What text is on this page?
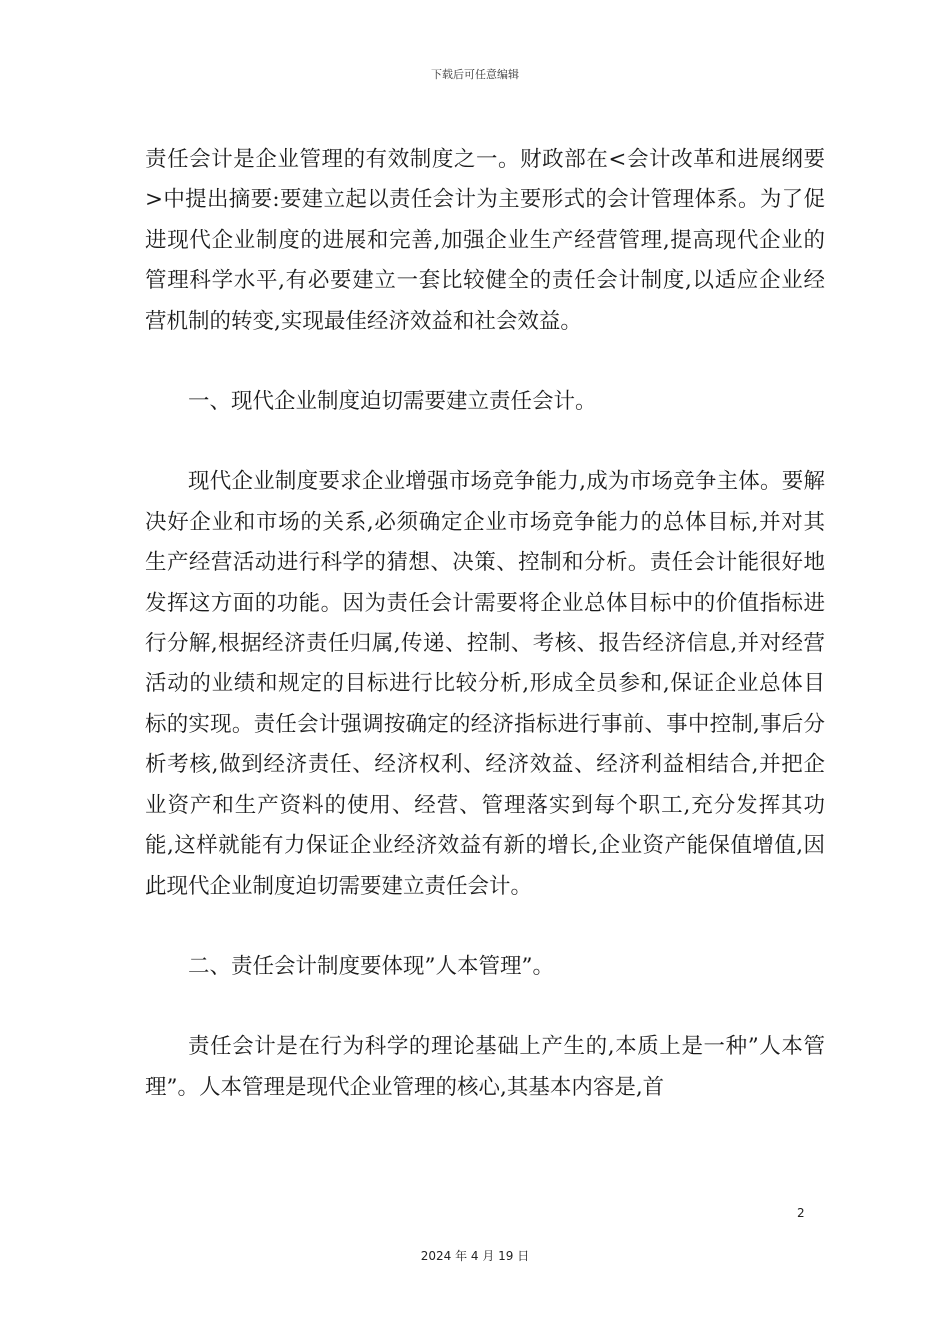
下载后可任意编辑

责任会计是企业管理的有效制度之一。财政部在<会计改革和进展纲要>中提出摘要:要建立起以责任会计为主要形式的会计管理体系。为了促进现代企业制度的进展和完善,加强企业生产经营管理,提高现代企业的管理科学水平,有必要建立一套比较健全的责任会计制度,以适应企业经营机制的转变,实现最佳经济效益和社会效益。

一、现代企业制度迫切需要建立责任会计。

现代企业制度要求企业增强市场竞争能力,成为市场竞争主体。要解决好企业和市场的关系,必须确定企业市场竞争能力的总体目标,并对其生产经营活动进行科学的猜想、决策、控制和分析。责任会计能很好地发挥这方面的功能。因为责任会计需要将企业总体目标中的价值指标进行分解,根据经济责任归属,传递、控制、考核、报告经济信息,并对经营活动的业绩和规定的目标进行比较分析,形成全员参和,保证企业总体目标的实现。责任会计强调按确定的经济指标进行事前、事中控制,事后分析考核,做到经济责任、经济权利、经济效益、经济利益相结合,并把企业资产和生产资料的使用、经营、管理落实到每个职工,充分发挥其功能,这样就能有力保证企业经济效益有新的增长,企业资产能保值增值,因此现代企业制度迫切需要建立责任会计。

二、责任会计制度要体现”人本管理”。

责任会计是在行为科学的理论基础上产生的,本质上是一种”人本管理”。人本管理是现代企业管理的核心,其基本内容是,首

2
2024 年 4 月 19 日
